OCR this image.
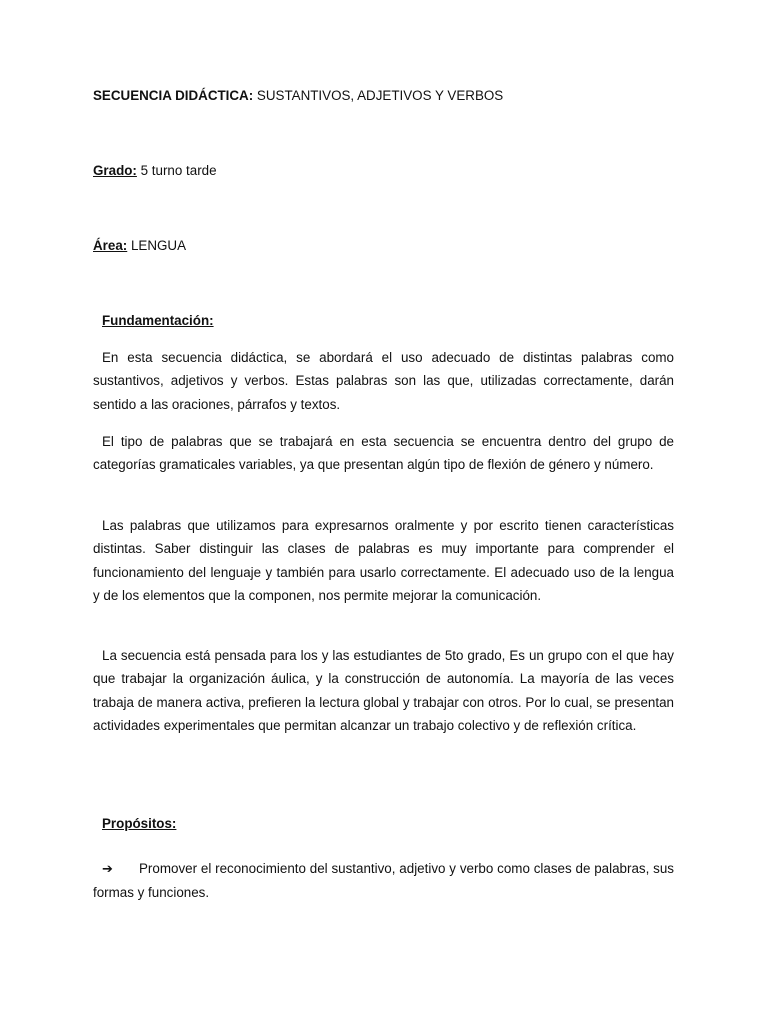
SECUENCIA DIDÁCTICA: SUSTANTIVOS, ADJETIVOS Y VERBOS
Grado: 5 turno tarde
Área: LENGUA
Fundamentación:

En esta secuencia didáctica, se abordará el uso adecuado de distintas palabras como sustantivos, adjetivos y verbos. Estas palabras son las que, utilizadas correctamente, darán sentido a las oraciones, párrafos y textos.

El tipo de palabras que se trabajará en esta secuencia se encuentra dentro del grupo de categorías gramaticales variables, ya que presentan algún tipo de flexión de género y número.

Las palabras que utilizamos para expresarnos oralmente y por escrito tienen características distintas. Saber distinguir las clases de palabras es muy importante para comprender el funcionamiento del lenguaje y también para usarlo correctamente. El adecuado uso de la lengua y de los elementos que la componen, nos permite mejorar la comunicación.

La secuencia está pensada para los y las estudiantes de 5to grado, Es un grupo con el que hay que trabajar la organización áulica, y la construcción de autonomía. La mayoría de las veces trabaja de manera activa, prefieren la lectura global y trabajar con otros. Por lo cual, se presentan actividades experimentales que permitan alcanzar un trabajo colectivo y de reflexión crítica.

Propósitos:

➔ Promover el reconocimiento del sustantivo, adjetivo y verbo como clases de palabras, sus formas y funciones.
